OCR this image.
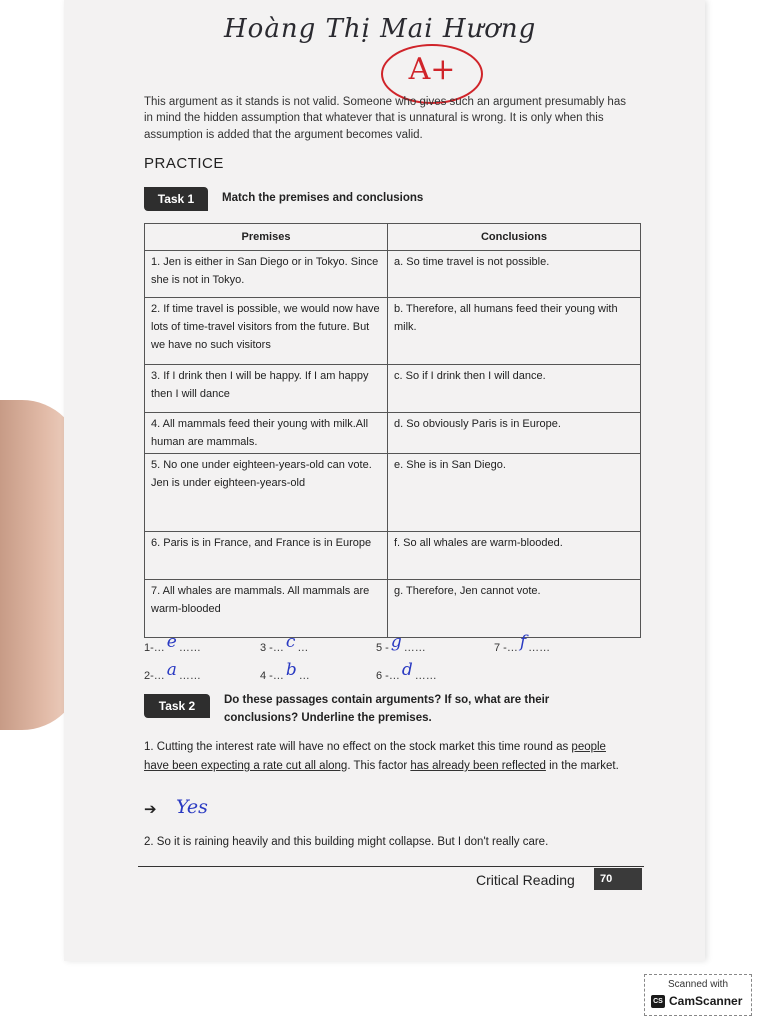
Hoàng Thị Mai Hương
A+
This argument as it stands is not valid. Someone who gives such an argument presumably has in mind the hidden assumption that whatever that is unnatural is wrong. It is only when this assumption is added that the argument becomes valid.
PRACTICE
Task 1	Match the premises and conclusions
Premises	Conclusions
1. Jen is either in San Diego or in Tokyo. Since she is not in Tokyo.	a. So time travel is not possible.
2. If time travel is possible, we would now have lots of time-travel visitors from the future. But we have no such visitors	b. Therefore, all humans feed their young with milk.
3. If I drink then I will be happy. If I am happy then I will dance	c. So if I drink then I will dance.
4. All mammals feed their young with milk.All human are mammals.	d. So obviously Paris is in Europe.
5. No one under eighteen-years-old can vote. Jen is under eighteen-years-old	e. She is in San Diego.
6. Paris is in France, and France is in Europe	f. So all whales are warm-blooded.
7. All whales are mammals. All mammals are warm-blooded	g. Therefore, Jen cannot vote.
1-… e ……	3 -… c …	5 - g ……	7 -… f ……
2-… a ……	4 -… b …	6 -… d ……
Task 2	Do these passages contain arguments? If so, what are their conclusions? Underline the premises.
1. Cutting the interest rate will have no effect on the stock market this time round as people have been expecting a rate cut all along. This factor has already been reflected in the market.
➔ Yes
2. So it is raining heavily and this building might collapse. But I don't really care.
Critical Reading	70
Scanned with
CS CamScanner
